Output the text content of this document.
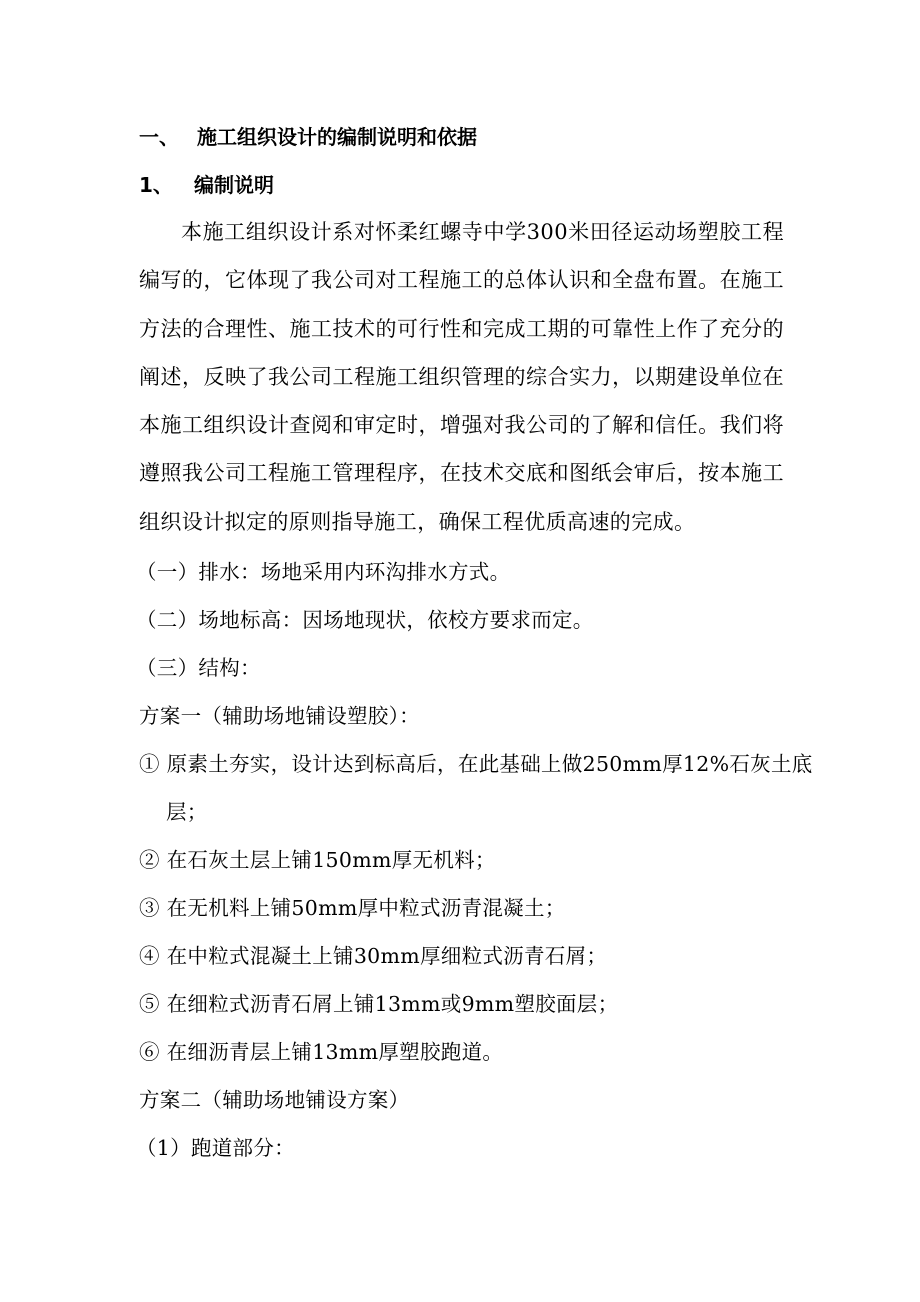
一、 施工组织设计的编制说明和依据
1、 编制说明
本施工组织设计系对怀柔红螺寺中学300米田径运动场塑胶工程编写的，它体现了我公司对工程施工的总体认识和全盘布置。在施工方法的合理性、施工技术的可行性和完成工期的可靠性上作了充分的阐述，反映了我公司工程施工组织管理的综合实力，以期建设单位在本施工组织设计查阅和审定时，增强对我公司的了解和信任。我们将遵照我公司工程施工管理程序，在技术交底和图纸会审后，按本施工组织设计拟定的原则指导施工，确保工程优质高速的完成。
（一）排水：场地采用内环沟排水方式。
（二）场地标高：因场地现状，依校方要求而定。
（三）结构：
方案一（辅助场地铺设塑胶）：
① 原素土夯实，设计达到标高后，在此基础上做250mm厚12%石灰土底层；
② 在石灰土层上铺150mm厚无机料；
③ 在无机料上铺50mm厚中粒式沥青混凝土；
④ 在中粒式混凝土上铺30mm厚细粒式沥青石屑；
⑤ 在细粒式沥青石屑上铺13mm或9mm塑胶面层；
⑥ 在细沥青层上铺13mm厚塑胶跑道。
方案二（辅助场地铺设方案）
（1）跑道部分：
